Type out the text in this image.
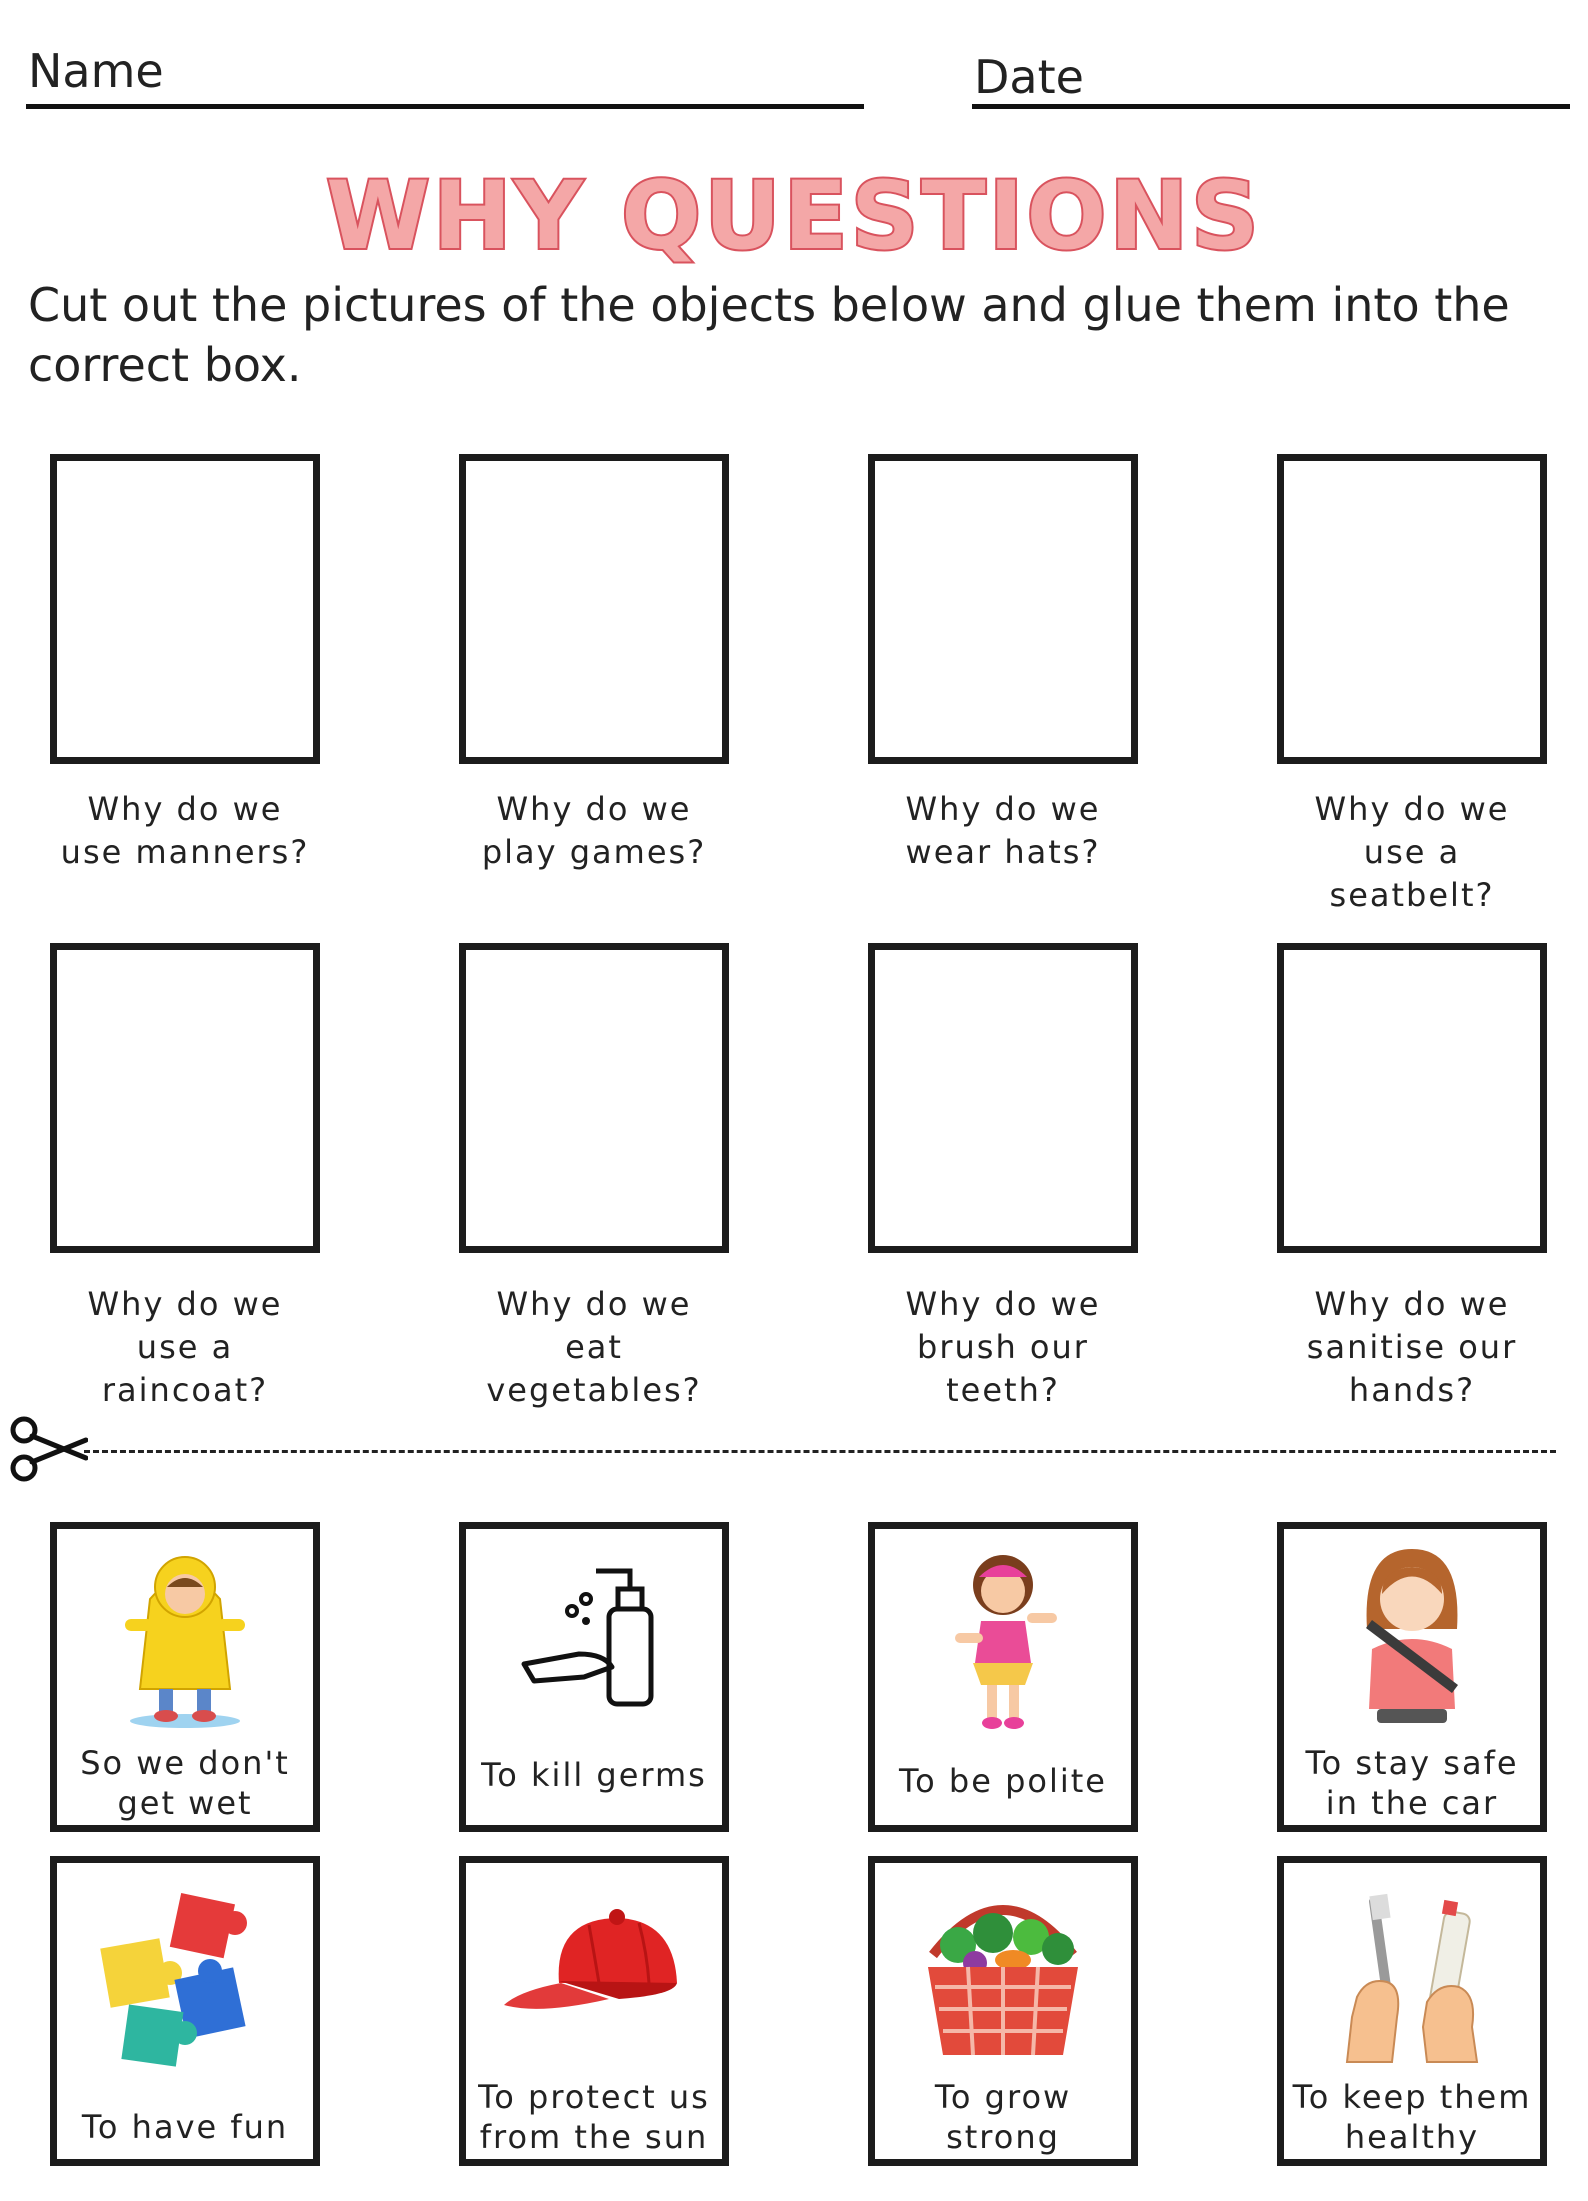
Name	Date
WHY QUESTIONS
Cut out the pictures of the objects below and glue them into the correct box.
Why do we
use manners?
Why do we
play games?
Why do we
wear hats?
Why do we
use a
seatbelt?
Why do we
use a
raincoat?
Why do we
eat
vegetables?
Why do we
brush our
teeth?
Why do we
sanitise our
hands?
So we don't
get wet
To kill germs	To be polite	To stay safe
in the car
To have fun
To protect us
from the sun
To grow
strong
To keep them
healthy
